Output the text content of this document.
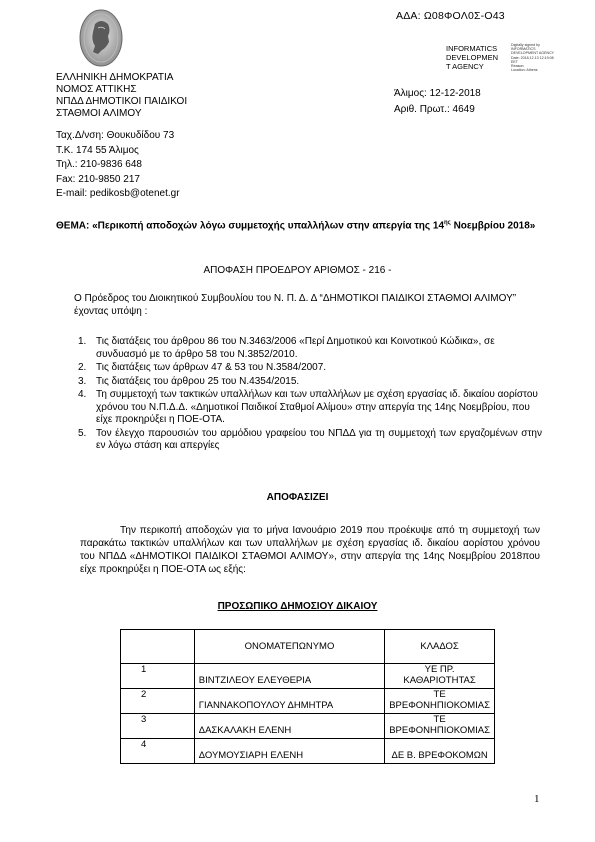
ΑΔΑ: Ω08ΦΟΛ0Σ-Ο43
INFORMATICS
DEVELOPMEN
T AGENCY
Digitally signed by
INFORMATICS
DEVELOPMENT AGENCY
Date: 2018.12.13 12:19:08
EET
Reason:
Location: Athens
ΕΛΛΗΝΙΚΗ ΔΗΜΟΚΡΑΤΙΑ
ΝΟΜΟΣ ΑΤΤΙΚΗΣ
ΝΠΔΔ ΔΗΜΟΤΙΚΟΙ ΠΑΙΔΙΚΟΙ
ΣΤΑΘΜΟΙ ΑΛΙΜΟΥ
Άλιμος: 12-12-2018
Αριθ. Πρωτ.: 4649
Ταχ.Δ/νση: Θουκυδίδου 73
Τ.Κ. 174 55 Άλιμος
Τηλ.: 210-9836 648
Fax: 210-9850 217
E-mail: pedikosb@otenet.gr
ΘΕΜΑ: «Περικοπή αποδοχών λόγω συμμετοχής υπαλλήλων στην απεργία της $14^{\eta\varsigma}$ Νοεμβρίου 2018»
ΑΠΟΦΑΣΗ ΠΡΟΕΔΡΟΥ ΑΡΙΘΜΟΣ - 216 -
Ο Πρόεδρος του Διοικητικού Συμβουλίου του Ν. Π. Δ. Δ “ΔΗΜΟΤΙΚΟΙ ΠΑΙΔΙΚΟΙ ΣΤΑΘΜΟΙ ΑΛΙΜΟΥ” έχοντας υπόψη :
1. Τις διατάξεις του άρθρου 86 του Ν.3463/2006 «Περί Δημοτικού και Κοινοτικού Κώδικα», σε συνδυασμό με το άρθρο 58 του Ν.3852/2010.
2. Τις διατάξεις των άρθρων 47 & 53 του Ν.3584/2007.
3. Τις διατάξεις του άρθρου 25 του Ν.4354/2015.
4. Τη συμμετοχή των τακτικών υπαλλήλων και των υπαλλήλων με σχέση εργασίας ιδ. δικαίου αορίστου χρόνου του Ν.Π.Δ.Δ. «Δημοτικοί Παιδικοί Σταθμοί Αλίμου» στην απεργία της 14ης Νοεμβρίου, που είχε προκηρύξει η ΠΟΕ-ΟΤΑ.
5. Τον έλεγχο παρουσιών του αρμόδιου γραφείου του ΝΠΔΔ για τη συμμετοχή των εργαζομένων στην εν λόγω στάση και απεργίες
ΑΠΟΦΑΣΙΖΕΙ
Την περικοπή αποδοχών για το μήνα Ιανουάριο 2019 που προέκυψε από τη συμμετοχή των παρακάτω τακτικών υπαλλήλων και των υπαλλήλων με σχέση εργασίας ιδ. δικαίου αορίστου χρόνου του ΝΠΔΔ «ΔΗΜΟΤΙΚΟΙ ΠΑΙΔΙΚΟΙ ΣΤΑΘΜΟΙ ΑΛΙΜΟΥ», στην απεργία της 14ης Νοεμβρίου 2018που είχε προκηρύξει η ΠΟΕ-ΟΤΑ ως εξής:
ΠΡΟΣΩΠΙΚΟ ΔΗΜΟΣΙΟΥ ΔΙΚΑΙΟΥ
	ΟΝΟΜΑΤΕΠΩΝΥΜΟ	ΚΛΑΔΟΣ
1	ΒΙΝΤΖΙΛΕΟΥ ΕΛΕΥΘΕΡΙΑ	ΥΕ ΠΡ. ΚΑΘΑΡΙΟΤΗΤΑΣ

2	ΓΙΑΝΝΑΚΟΠΟΥΛΟΥ ΔΗΜΗΤΡΑ	ΤΕ ΒΡΕΦΟΝΗΠΙΟΚΟΜΙΑΣ
3	ΔΑΣΚΑΛΑΚΗ ΕΛΕΝΗ	ΤΕ ΒΡΕΦΟΝΗΠΙΟΚΟΜΙΑΣ
4	ΔΟΥΜΟΥΣΙΑΡΗ ΕΛΕΝΗ	ΔΕ Β. ΒΡΕΦΟΚΟΜΩΝ
1
